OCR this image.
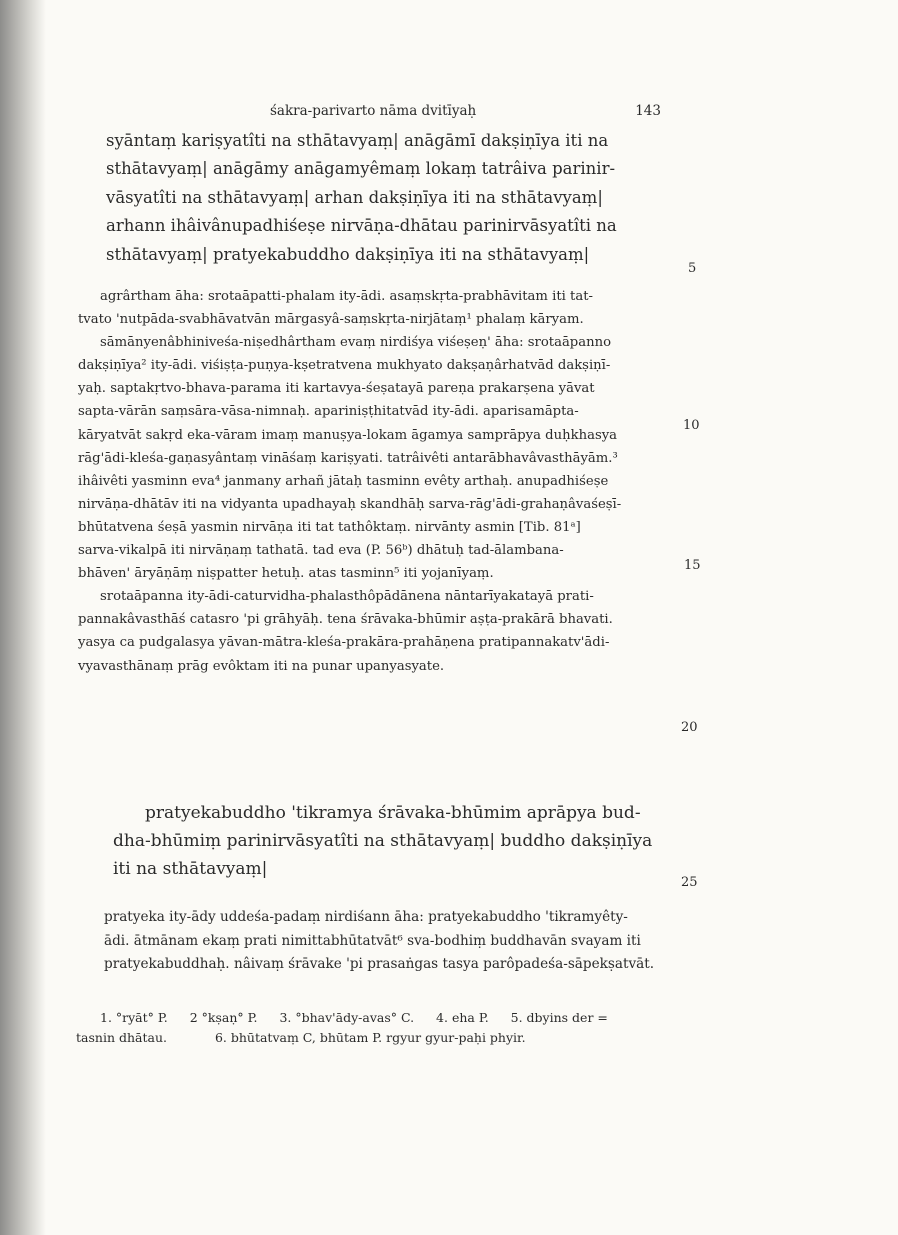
śakra-parivarto nāma dvitīyaḥ	143
syāntaṃ kariṣyatîti na sthātavyaṃ| anāgāmī dakṣiṇīya iti na
sthātavyaṃ| anāgāmy anāgamyêmaṃ lokaṃ tatrâiva parinir-
vāsyatîti na sthātavyaṃ| arhan dakṣiṇīya iti na sthātavyaṃ|
arhann ihâivânupadhiśeṣe nirvāṇa-dhātau parinirvāsyatîti na
sthātavyaṃ| pratyekabuddho dakṣiṇīya iti na sthātavyaṃ|
agrârtham āha: srotaāpatti-phalam ity-ādi. asaṃskṛta-prabhāvitam iti tat-
tvato 'nutpāda-svabhāvatvān mārgasyâ-saṃskṛta-nirjātaṃ¹ phalaṃ kāryam.
sāmānyenâbhiniveśa-niṣedhârtham evaṃ nirdiśya viśeṣeṇ' āha: srotaāpanno
dakṣiṇīya² ity-ādi. viśiṣṭa-puṇya-kṣetratvena mukhyato dakṣaṇârhatvād dakṣiṇī-
yaḥ. saptakṛtvo-bhava-parama iti kartavya-śeṣatayā pareṇa prakarṣena yāvat
sapta-vārān saṃsāra-vāsa-nimnaḥ. apariniṣṭhitatvād ity-ādi. aparisamāpta-
kāryatvāt sakṛd eka-vāram imaṃ manuṣya-lokam āgamya samprāpya duḥkhasya
rāg'ādi-kleśa-gaṇasyântaṃ vināśaṃ kariṣyati. tatrâivêti antarābhavâvasthāyām.³
ihâivêti yasminn eva⁴ janmany arhañ jātaḥ tasminn evêty arthaḥ. anupadhiśeṣe
nirvāṇa-dhātāv iti na vidyanta upadhayaḥ skandhāḥ sarva-rāg'ādi-grahaṇâvaśeṣī-
bhūtatvena śeṣā yasmin nirvāṇa iti tat tathôktaṃ. nirvānty asmin [Tib. 81ᵃ]
sarva-vikalpā iti nirvāṇaṃ tathatā. tad eva (P. 56ᵇ) dhātuḥ tad-ālambana-
bhāven' āryāṇāṃ niṣpatter hetuḥ. atas tasminn⁵ iti yojanīyaṃ.
srotaāpanna ity-ādi-caturvidha-phalasthôpādānena nāntarīyakatayā prati-
pannakâvasthāś catasro 'pi grāhyāḥ. tena śrāvaka-bhūmir aṣṭa-prakārā bhavati.
yasya ca pudgalasya yāvan-mātra-kleśa-prakāra-prahāṇena pratipannakatv'ādi-
vyavasthānaṃ prāg evôktam iti na punar upanyasyate.
pratyekabuddho 'tikramya śrāvaka-bhūmim aprāpya bud-
dha-bhūmiṃ parinirvāsyatîti na sthātavyaṃ| buddho dakṣiṇīya
iti na sthātavyaṃ|
pratyeka ity-ādy uddeśa-padaṃ nirdiśann āha: pratyekabuddho 'tikramyêty-
ādi. ātmānam ekaṃ prati nimittabhūtatvāt⁶ sva-bodhiṃ buddhavān svayam iti
pratyekabuddhaḥ. nâivaṃ śrāvake 'pi prasaṅgas tasya parôpadeśa-sāpekṣatvāt.
5
10
15
20
25
1. °ryāt° P. 2 °kṣaṇ° P. 3. °bhav'ādy-avas° C. 4. eha P. 5. dbyins der =
tasnin dhātau.	6. bhūtatvaṃ C, bhūtam P. rgyur gyur-paḥi phyir.
